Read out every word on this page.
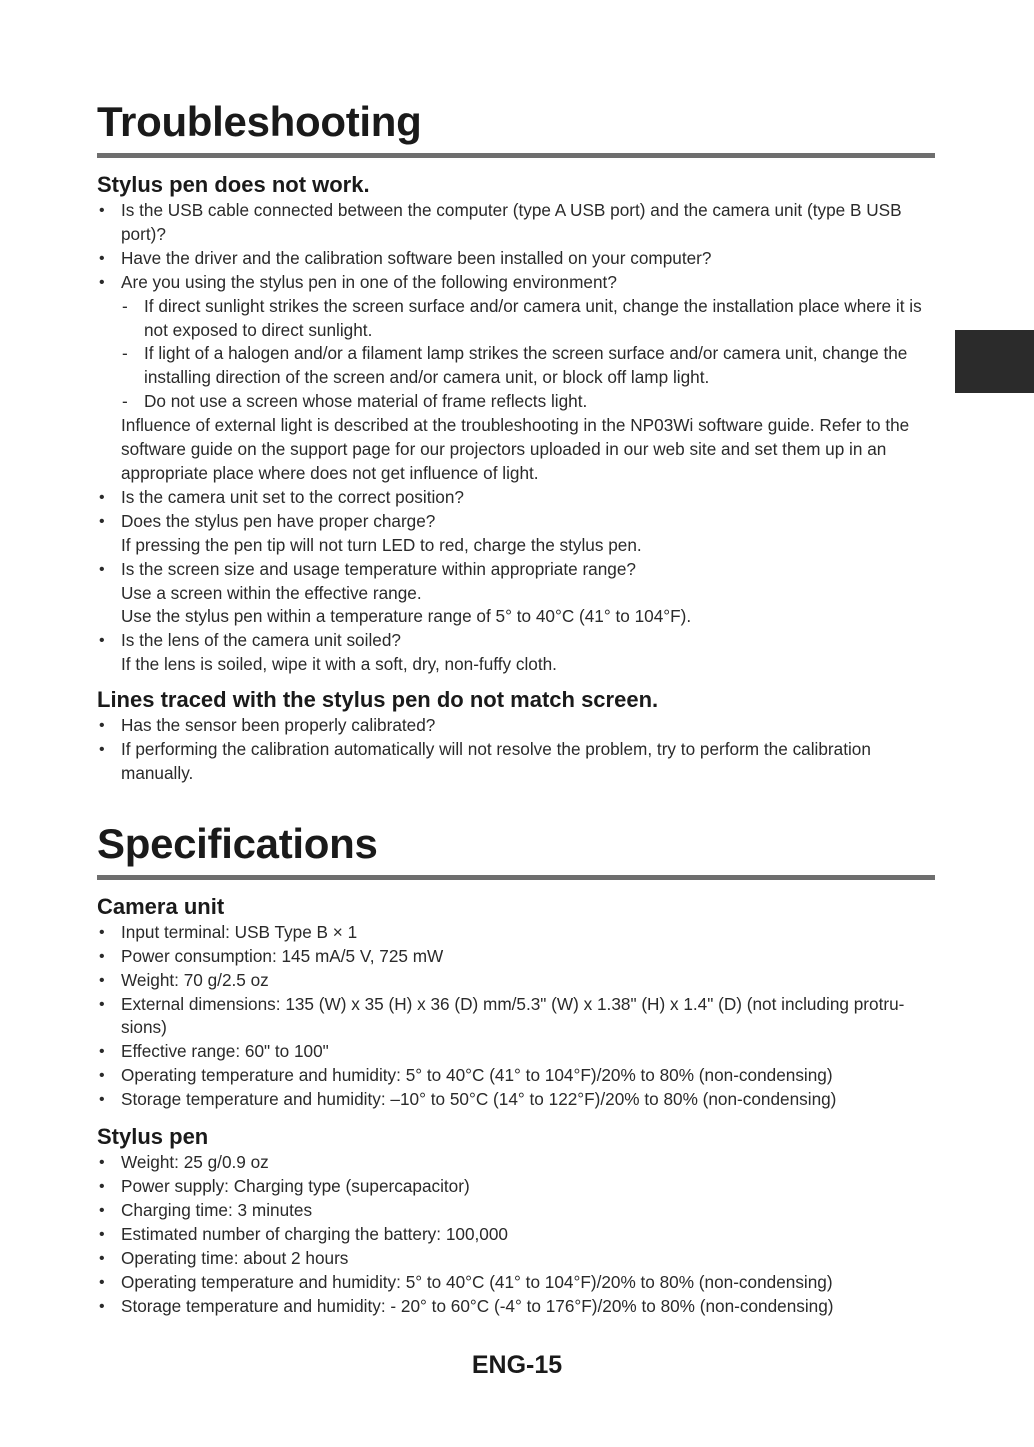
Troubleshooting
Stylus pen does not work.
• Is the USB cable connected between the computer (type A USB port) and the camera unit (type B USB port)?
• Have the driver and the calibration software been installed on your computer?
• Are you using the stylus pen in one of the following environment?
- If direct sunlight strikes the screen surface and/or camera unit, change the installation place where it is not exposed to direct sunlight.
- If light of a halogen and/or a filament lamp strikes the screen surface and/or camera unit, change the installing direction of the screen and/or camera unit, or block off lamp light.
- Do not use a screen whose material of frame reflects light.
Influence of external light is described at the troubleshooting in the NP03Wi software guide. Refer to the software guide on the support page for our projectors uploaded in our web site and set them up in an appropriate place where does not get influence of light.
• Is the camera unit set to the correct position?
• Does the stylus pen have proper charge?
If pressing the pen tip will not turn LED to red, charge the stylus pen.
• Is the screen size and usage temperature within appropriate range?
Use a screen within the effective range.
Use the stylus pen within a temperature range of 5° to 40°C (41° to 104°F).
• Is the lens of the camera unit soiled?
If the lens is soiled, wipe it with a soft, dry, non-fuffy cloth.
Lines traced with the stylus pen do not match screen.
• Has the sensor been properly calibrated?
• If performing the calibration automatically will not resolve the problem, try to perform the calibration manually.
Specifications
Camera unit
• Input terminal: USB Type B × 1
• Power consumption: 145 mA/5 V, 725 mW
• Weight: 70 g/2.5 oz
• External dimensions: 135 (W) x 35 (H) x 36 (D) mm/5.3" (W) x 1.38" (H) x 1.4" (D) (not including protru-sions)
• Effective range: 60" to 100"
• Operating temperature and humidity: 5° to 40°C (41° to 104°F)/20% to 80% (non-condensing)
• Storage temperature and humidity: –10° to 50°C (14° to 122°F)/20% to 80% (non-condensing)
Stylus pen
• Weight: 25 g/0.9 oz
• Power supply: Charging type (supercapacitor)
• Charging time: 3 minutes
• Estimated number of charging the battery: 100,000
• Operating time: about 2 hours
• Operating temperature and humidity: 5° to 40°C (41° to 104°F)/20% to 80% (non-condensing)
• Storage temperature and humidity: - 20° to 60°C (-4° to 176°F)/20% to 80% (non-condensing)
ENG-15
